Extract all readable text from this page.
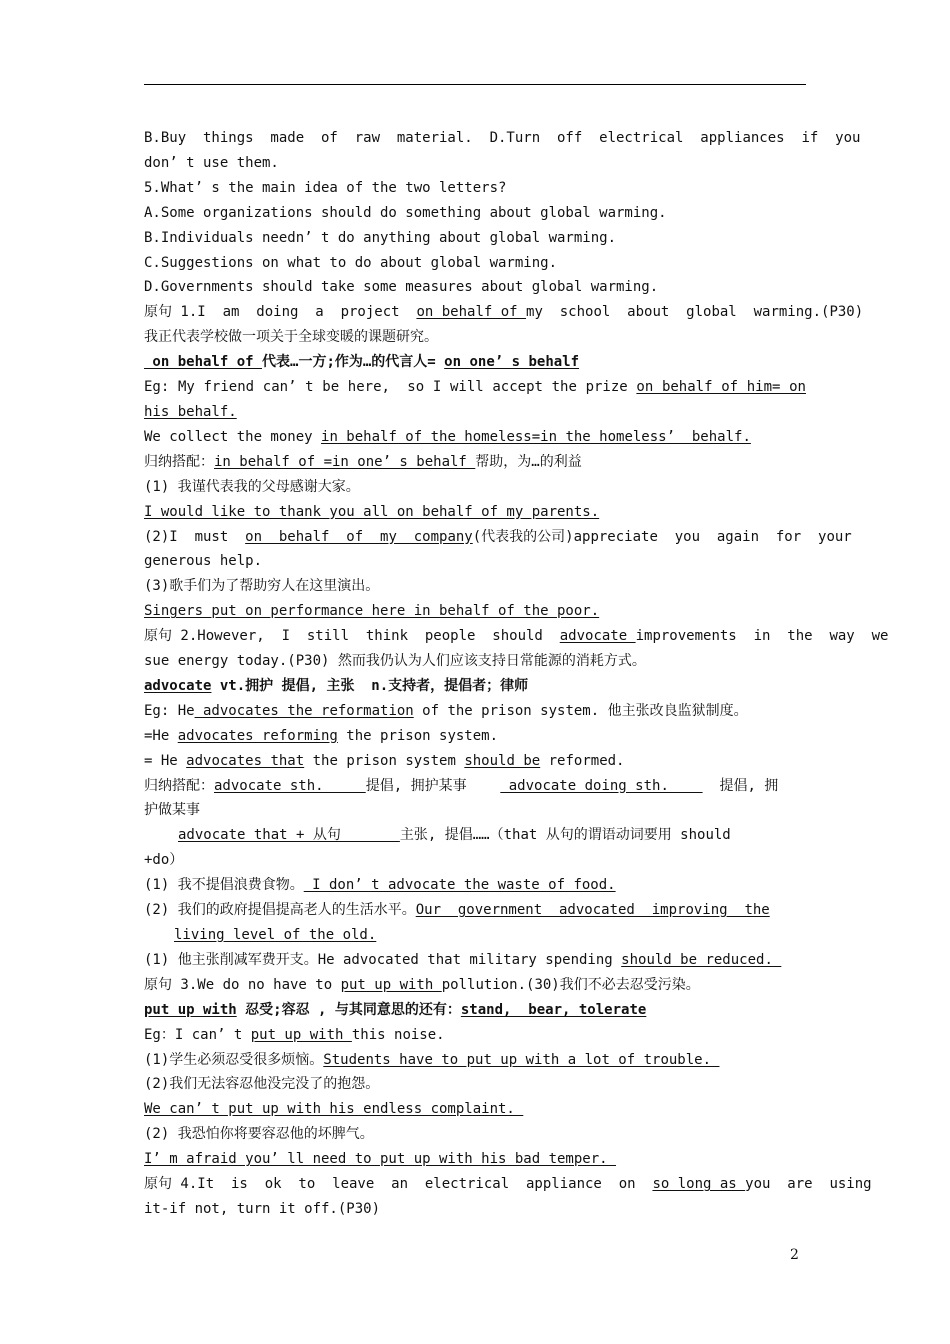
B.Buy  things  made  of  raw  material.  D.Turn  off  electrical  appliances  if  you
don’ t use them.
5.What’ s the main idea of the two letters?
A.Some organizations should do something about global warming.
B.Individuals needn’ t do anything about global warming.
C.Suggestions on what to do about global warming.
D.Governments should take some measures about global warming.
原句 1.I  am  doing  a  project  on behalf of my  school  about  global  warming.(P30)
我正代表学校做一项关于全球变暖的课题研究。
on behalf of 代表…一方;作为…的代言人= on one’ s behalf
Eg: My friend can’ t be here,  so I will accept the prize on behalf of him= on
his behalf.
We collect the money in behalf of the homeless=in the homeless’  behalf.
归纳搭配：in behalf of =in one’ s behalf 帮助，为…的利益
(1) 我谨代表我的父母感谢大家。
I would like to thank you all on behalf of my parents.
(2)I  must  on  behalf  of  my  company(代表我的公司)appreciate  you  again  for  your
generous help.
(3)歌手们为了帮助穷人在这里演出。
Singers put on performance here in behalf of the poor.
原句 2.However,  I  still  think  people  should  advocate improvements  in  the  way  we
sue energy today.(P30) 然而我仍认为人们应该支持日常能源的消耗方式。
advocate vt.拥护 提倡, 主张  n.支持者，提倡者；律师
Eg: He advocates the reformation of the prison system. 他主张改良监狱制度。
=He advocates reforming the prison system.
= He advocates that the prison system should be reformed.
归纳搭配：advocate sth.     提倡, 拥护某事     advocate doing sth.      提倡, 拥
护做某事
advocate that + 从句       主张, 提倡……（that 从句的谓语动词要用 should
+do）
(1) 我不提倡浪费食物。 I don’ t advocate the waste of food.
(2) 我们的政府提倡提高老人的生活水平。Our  government  advocated  improving  the
living level of the old.
(1) 他主张削减军费开支。He advocated that military spending should be reduced.
原句 3.We do no have to put up with pollution.(30)我们不必去忍受污染。
put up with 忍受;容忍 , 与其同意思的还有：stand,  bear, tolerate
Eg：I can’ t put up with this noise.
(1)学生必须忍受很多烦恼。Students have to put up with a lot of trouble.
(2)我们无法容忍他没完没了的抱怨。
We can’ t put up with his endless complaint.
(2) 我恐怕你将要容忍他的坏脾气。
I’ m afraid you’ ll need to put up with his bad temper.
原句 4.It  is  ok  to  leave  an  electrical  appliance  on  so long as you  are  using
it-if not, turn it off.(P30)
2
